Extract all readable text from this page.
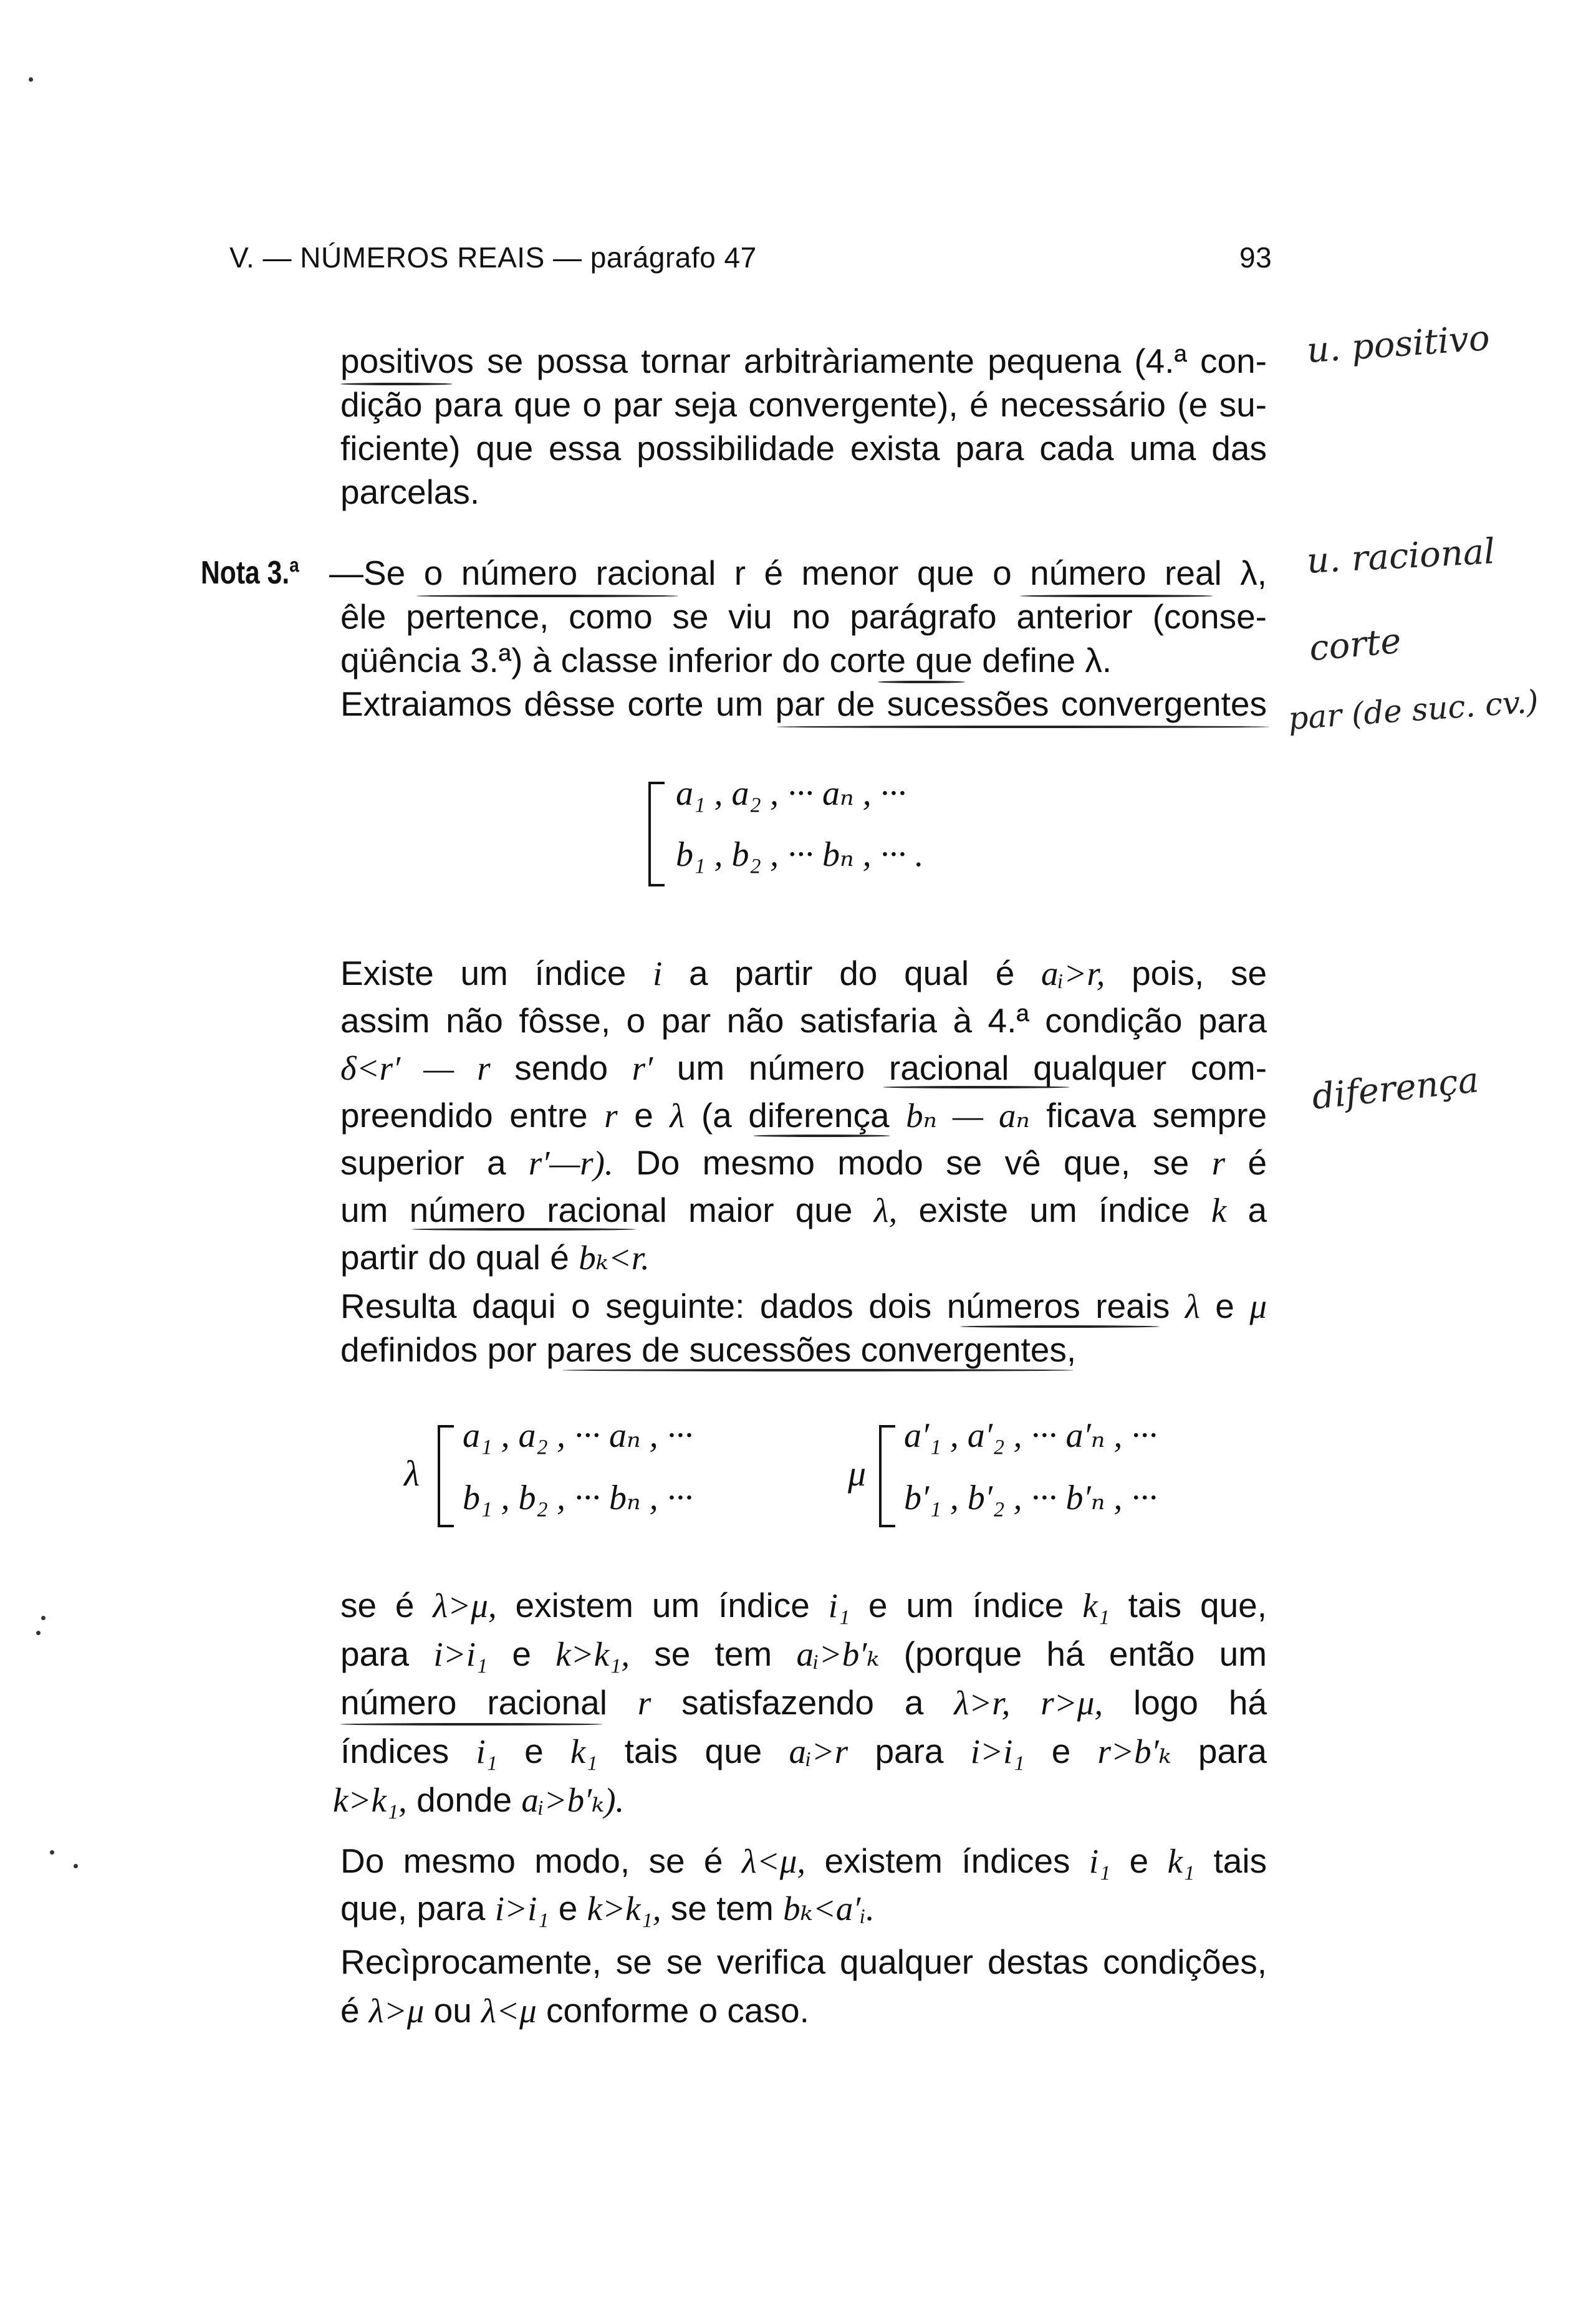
V. — NÚMEROS REAIS — parágrafo 47	93
positivos se possa tornar arbitràriamente pequena (4.ª con-
dição para que o par seja convergente), é necessário (e su-
ficiente) que essa possibilidade exista para cada uma das
parcelas.
Nota 3.ª —Se o número racional r é menor que o número real λ,
êle pertence, como se viu no parágrafo anterior (conse-
qüência 3.ª) à classe inferior do corte que define λ.
Extraiamos dêsse corte um par de sucessões convergentes
a₁ , a₂ , ··· aₙ , ···
b₁ , b₂ , ··· bₙ , ··· .
Existe um índice i a partir do qual é aᵢ>r, pois, se
assim não fôsse, o par não satisfaria à 4.ª condição para
δ<r′ — r sendo r′ um número racional qualquer com-
preendido entre r e λ (a diferença bₙ — aₙ ficava sempre
superior a r′—r). Do mesmo modo se vê que, se r é
um número racional maior que λ, existe um índice k a
partir do qual é bₖ<r.
Resulta daqui o seguinte: dados dois números reais λ e μ
definidos por pares de sucessões convergentes,
λ
a₁ , a₂ , ··· aₙ , ···
b₁ , b₂ , ··· bₙ , ···
μ
a′₁ , a′₂ , ··· a′ₙ , ···
b′₁ , b′₂ , ··· b′ₙ , ···
se é λ>μ, existem um índice i₁ e um índice k₁ tais que,
para i>i₁ e k>k₁, se tem aᵢ>b′ₖ (porque há então um
número racional r satisfazendo a λ>r, r>μ, logo há
índices i₁ e k₁ tais que aᵢ>r para i>i₁ e r>b′ₖ para
k>k₁, donde aᵢ>b′ₖ).
Do mesmo modo, se é λ<μ, existem índices i₁ e k₁ tais
que, para i>i₁ e k>k₁, se tem bₖ<a′ᵢ.
Recìprocamente, se se verifica qualquer destas condições,
é λ>μ ou λ<μ conforme o caso.
u. positivo
u. racional
corte
par (de suc. cv.)
diferença
